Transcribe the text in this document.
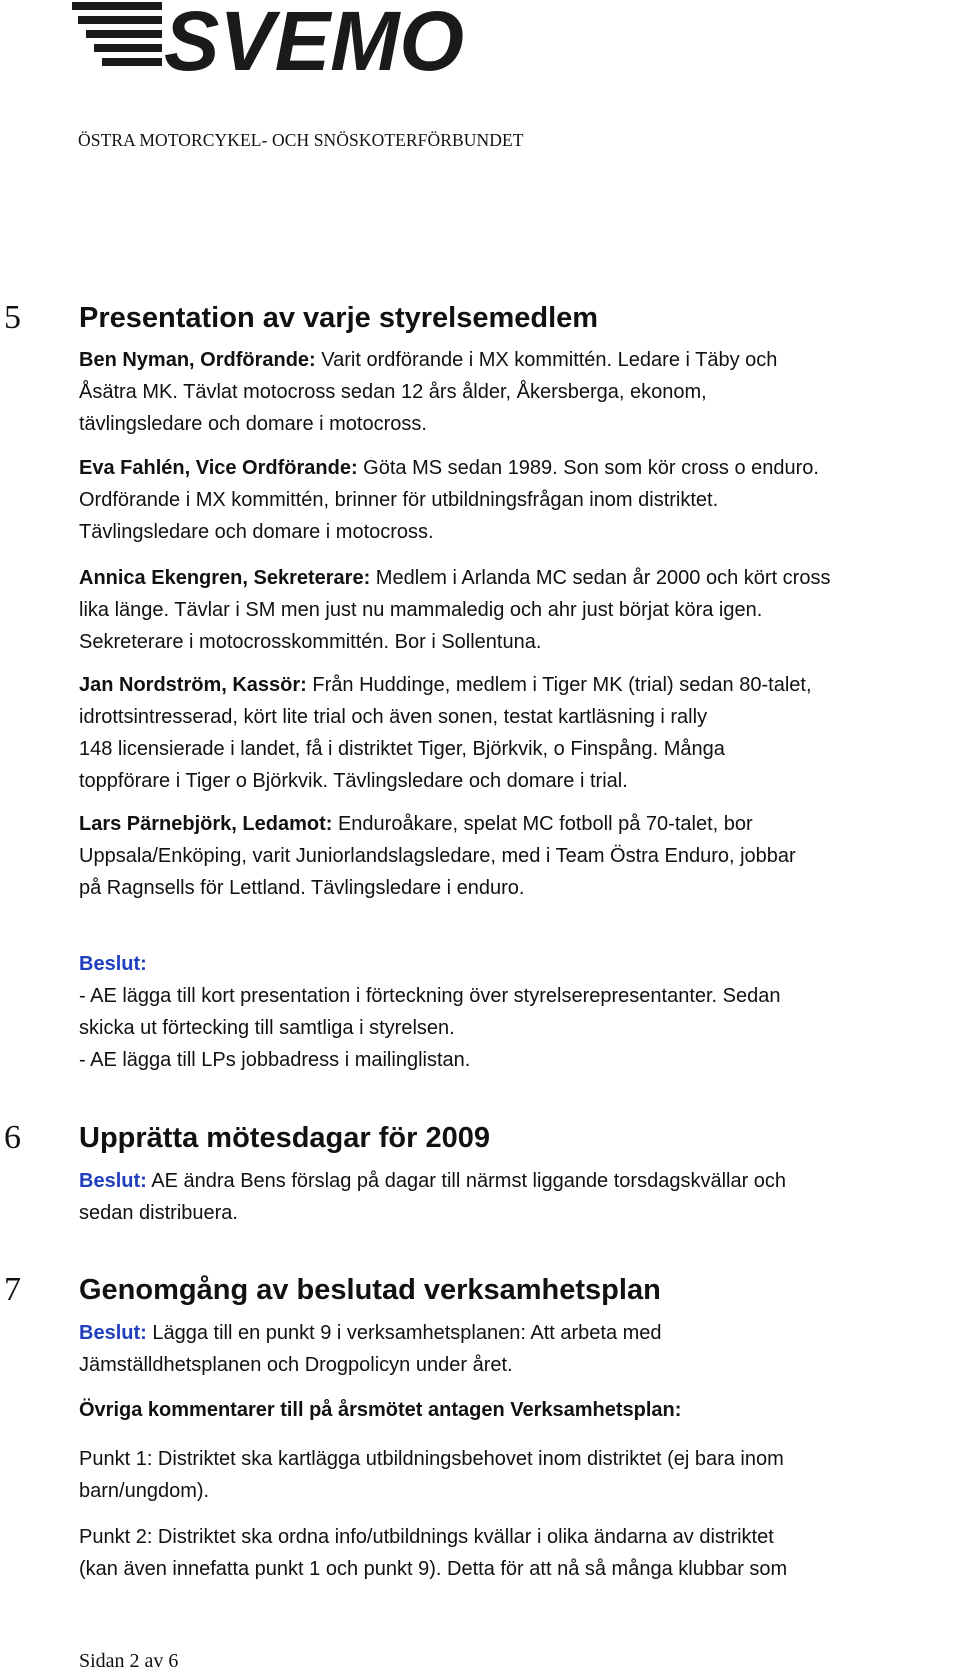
SVEMO
ÖSTRA MOTORCYKEL- OCH SNÖSKOTERFÖRBUNDET
5 Presentation av varje styrelsemedlem
Ben Nyman, Ordförande: Varit ordförande i MX kommittén. Ledare i Täby och
Åsätra MK. Tävlat motocross sedan 12 års ålder, Åkersberga, ekonom,
tävlingsledare och domare i motocross.
Eva Fahlén, Vice Ordförande: Göta MS sedan 1989. Son som kör cross o enduro.
Ordförande i MX kommittén, brinner för utbildningsfrågan inom distriktet.
Tävlingsledare och domare i motocross.
Annica Ekengren, Sekreterare: Medlem i Arlanda MC sedan år 2000 och kört cross
lika länge. Tävlar i SM men just nu mammaledig och ahr just börjat köra igen.
Sekreterare i motocrosskommittén. Bor i Sollentuna.
Jan Nordström, Kassör: Från Huddinge, medlem i Tiger MK (trial) sedan 80-talet,
idrottsintresserad, kört lite trial och även sonen, testat kartläsning i rally
148 licensierade i landet, få i distriktet Tiger, Björkvik, o Finspång. Många
toppförare i Tiger o Björkvik. Tävlingsledare och domare i trial.
Lars Pärnebjörk, Ledamot: Enduroåkare, spelat MC fotboll på 70-talet, bor
Uppsala/Enköping, varit Juniorlandslagsledare, med i Team Östra Enduro, jobbar
på Ragnsells för Lettland. Tävlingsledare i enduro.
Beslut:
- AE lägga till kort presentation i förteckning över styrelserepresentanter. Sedan
skicka ut förtecking till samtliga i styrelsen.
- AE lägga till LPs jobbadress i mailinglistan.
6 Upprätta mötesdagar för 2009
Beslut: AE ändra Bens förslag på dagar till närmst liggande torsdagskvällar och
sedan distribuera.
7 Genomgång av beslutad verksamhetsplan
Beslut: Lägga till en punkt 9 i verksamhetsplanen: Att arbeta med
Jämställdhetsplanen och Drogpolicyn under året.
Övriga kommentarer till på årsmötet antagen Verksamhetsplan:
Punkt 1: Distriktet ska kartlägga utbildningsbehovet inom distriktet (ej bara inom
barn/ungdom).
Punkt 2: Distriktet ska ordna info/utbildnings kvällar i olika ändarna av distriktet
(kan även innefatta punkt 1 och punkt 9). Detta för att nå så många klubbar som
Sidan 2 av 6
